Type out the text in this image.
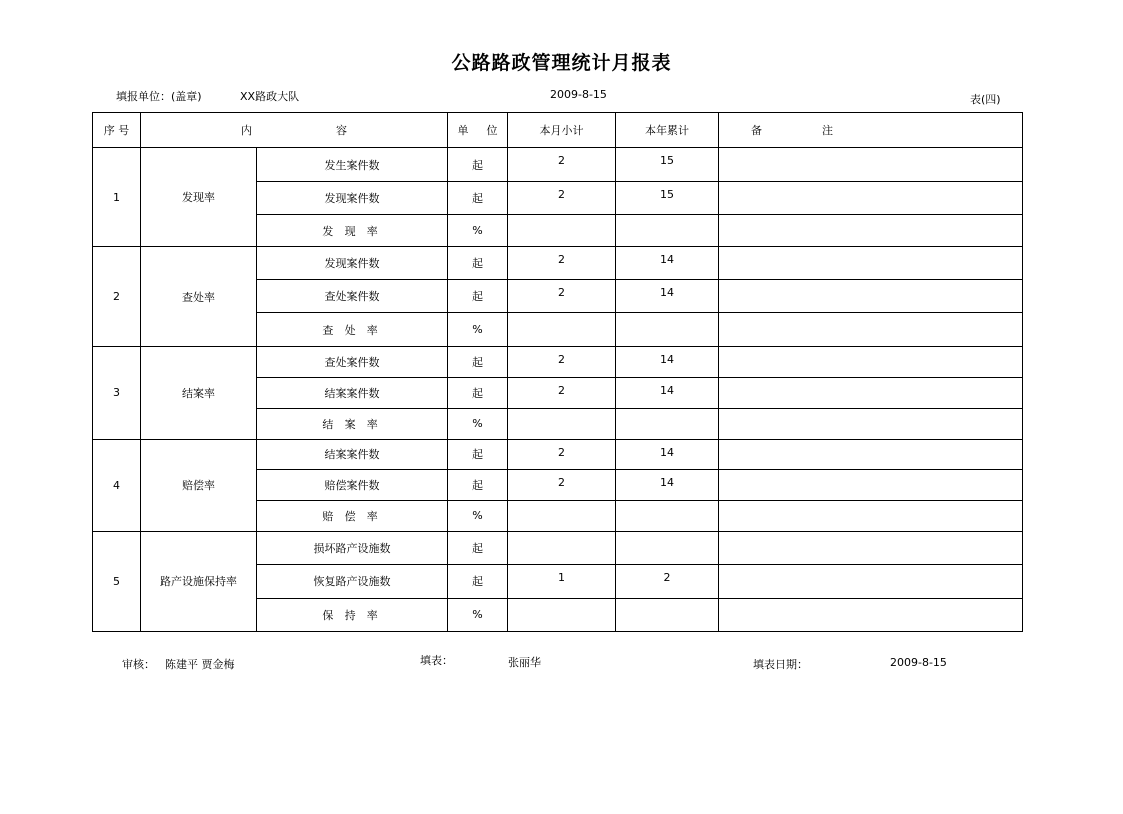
公路路政管理统计月报表
填报单位：(盖章)	XX路政大队	2009-8-15	表(四)
序 号	内 容		单 位	本月小计	本年累计	备 注
1	发现率	发生案件数	起	2	15	
		发现案件数	起	2	15	
		发 现 率	%			
2	查处率	发现案件数	起	2	14	
		查处案件数	起	2	14	
		查 处 率	%			
3	结案率	查处案件数	起	2	14	
		结案案件数	起	2	14	
		结 案 率	%			
4	赔偿率	结案案件数	起	2	14	
		赔偿案件数	起	2	14	
		赔 偿 率	%			
5	路产设施保持率	损坏路产设施数	起			
		恢复路产设施数	起	1	2	
		保 持 率	%			
审核： 陈建平 贾金梅	填表：	张丽华	填表日期：	2009-8-15
